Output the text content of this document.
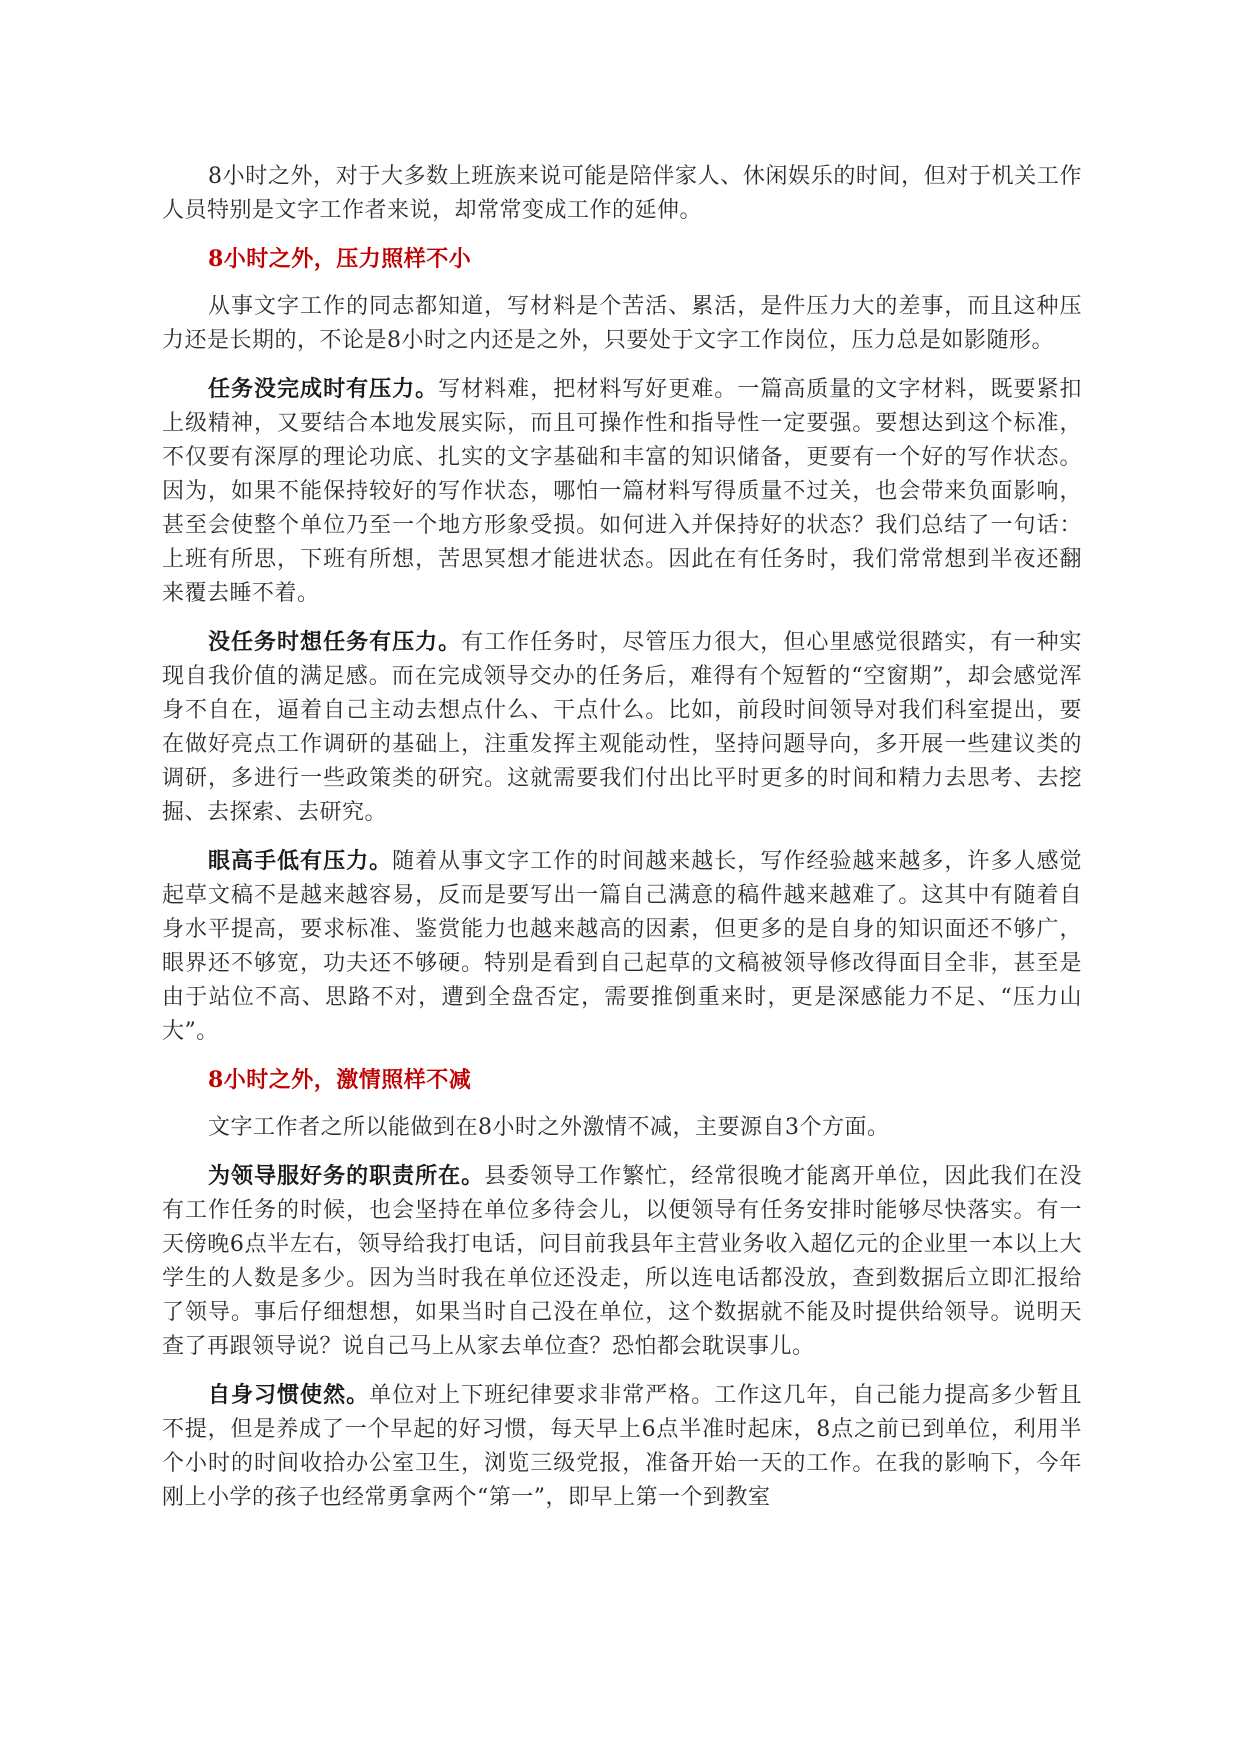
8小时之外，对于大多数上班族来说可能是陪伴家人、休闲娱乐的时间，但对于机关工作人员特别是文字工作者来说，却常常变成工作的延伸。

8小时之外，压力照样不小

从事文字工作的同志都知道，写材料是个苦活、累活，是件压力大的差事，而且这种压力还是长期的，不论是8小时之内还是之外，只要处于文字工作岗位，压力总是如影随形。

任务没完成时有压力。写材料难，把材料写好更难。一篇高质量的文字材料，既要紧扣上级精神，又要结合本地发展实际，而且可操作性和指导性一定要强。要想达到这个标准，不仅要有深厚的理论功底、扎实的文字基础和丰富的知识储备，更要有一个好的写作状态。因为，如果不能保持较好的写作状态，哪怕一篇材料写得质量不过关，也会带来负面影响，甚至会使整个单位乃至一个地方形象受损。如何进入并保持好的状态？我们总结了一句话：上班有所思，下班有所想，苦思冥想才能进状态。因此在有任务时，我们常常想到半夜还翻来覆去睡不着。

没任务时想任务有压力。有工作任务时，尽管压力很大，但心里感觉很踏实，有一种实现自我价值的满足感。而在完成领导交办的任务后，难得有个短暂的“空窗期”，却会感觉浑身不自在，逼着自己主动去想点什么、干点什么。比如，前段时间领导对我们科室提出，要在做好亮点工作调研的基础上，注重发挥主观能动性，坚持问题导向，多开展一些建议类的调研，多进行一些政策类的研究。这就需要我们付出比平时更多的时间和精力去思考、去挖掘、去探索、去研究。

眼高手低有压力。随着从事文字工作的时间越来越长，写作经验越来越多，许多人感觉起草文稿不是越来越容易，反而是要写出一篇自己满意的稿件越来越难了。这其中有随着自身水平提高，要求标准、鉴赏能力也越来越高的因素，但更多的是自身的知识面还不够广，眼界还不够宽，功夫还不够硬。特别是看到自己起草的文稿被领导修改得面目全非，甚至是由于站位不高、思路不对，遭到全盘否定，需要推倒重来时，更是深感能力不足、“压力山大”。

8小时之外，激情照样不减

文字工作者之所以能做到在8小时之外激情不减，主要源自3个方面。

为领导服好务的职责所在。县委领导工作繁忙，经常很晚才能离开单位，因此我们在没有工作任务的时候，也会坚持在单位多待会儿，以便领导有任务安排时能够尽快落实。有一天傍晚6点半左右，领导给我打电话，问目前我县年主营业务收入超亿元的企业里一本以上大学生的人数是多少。因为当时我在单位还没走，所以连电话都没放，查到数据后立即汇报给了领导。事后仔细想想，如果当时自己没在单位，这个数据就不能及时提供给领导。说明天查了再跟领导说？说自己马上从家去单位查？恐怕都会耽误事儿。

自身习惯使然。单位对上下班纪律要求非常严格。工作这几年，自己能力提高多少暂且不提，但是养成了一个早起的好习惯，每天早上6点半准时起床，8点之前已到单位，利用半个小时的时间收拾办公室卫生，浏览三级党报，准备开始一天的工作。在我的影响下，今年刚上小学的孩子也经常勇拿两个“第一”，即早上第一个到教室
